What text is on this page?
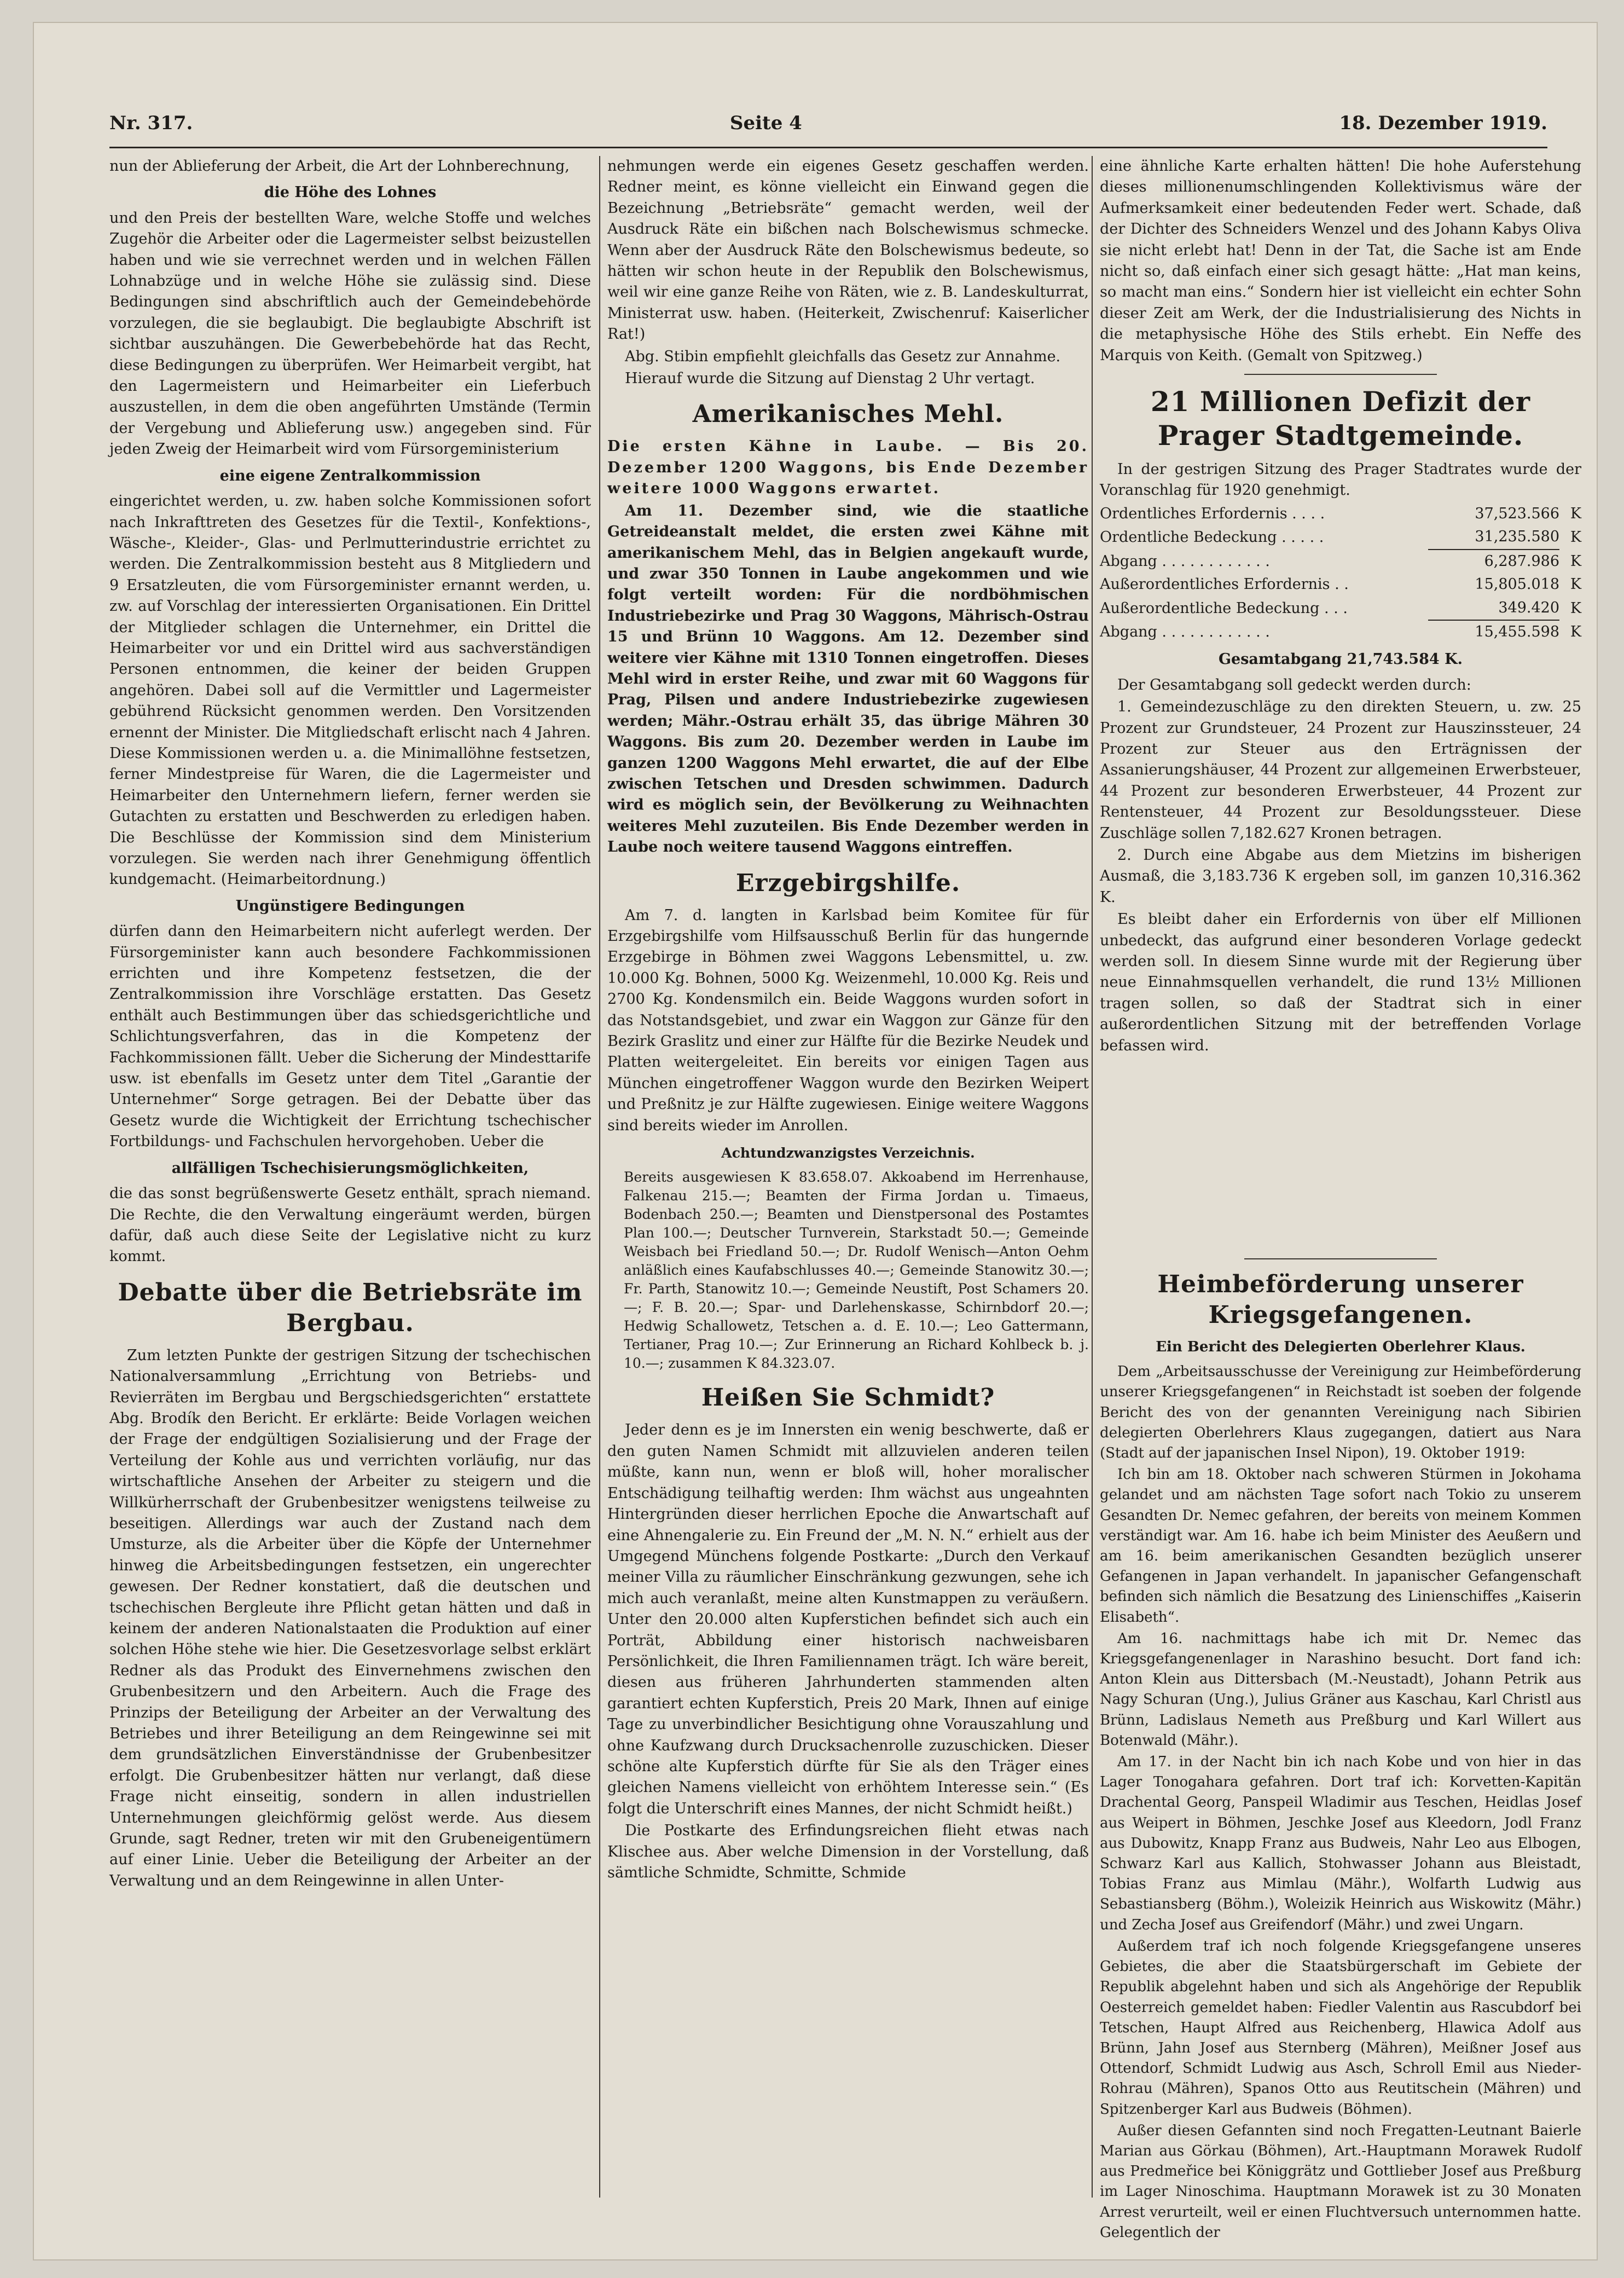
Nr. 317.	Seite 4	18. Dezember 1919.

nun der Ablieferung der Arbeit, die Art der Lohnberechnung,

die Höhe des Lohnes

und den Preis der bestellten Ware, welche Stoffe und welches Zugehör die Arbeiter oder die Lagermeister selbst beizustellen haben und wie sie verrechnet werden und in welchen Fällen Lohnabzüge und in welche Höhe sie zulässig sind. Diese Bedingungen sind abschriftlich auch der Gemeindebehörde vorzulegen, die sie beglaubigt. Die beglaubigte Abschrift ist sichtbar auszuhängen. Die Gewerbebehörde hat das Recht, diese Bedingungen zu überprüfen. Wer Heimarbeit vergibt, hat den Lagermeistern und Heimarbeiter ein Lieferbuch auszustellen, in dem die oben angeführten Umstände (Termin der Vergebung und Ablieferung usw.) angegeben sind. Für jeden Zweig der Heimarbeit wird vom Fürsorgeministerium

eine eigene Zentralkommission

eingerichtet werden, u. zw. haben solche Kommissionen sofort nach Inkrafttreten des Gesetzes für die Textil-, Konfektions-, Wäsche-, Kleider-, Glas- und Perlmutterindustrie errichtet zu werden. Die Zentralkommission besteht aus 8 Mitgliedern und 9 Ersatzleuten, die vom Fürsorgeminister ernannt werden, u. zw. auf Vorschlag der interessierten Organisationen. Ein Drittel der Mitglieder schlagen die Unternehmer, ein Drittel die Heimarbeiter vor und ein Drittel wird aus sachverständigen Personen entnommen, die keiner der beiden Gruppen angehören. Dabei soll auf die Vermittler und Lagermeister gebührend Rücksicht genommen werden. Den Vorsitzenden ernennt der Minister. Die Mitgliedschaft erlischt nach 4 Jahren. Diese Kommissionen werden u. a. die Minimallöhne festsetzen, ferner Mindestpreise für Waren, die die Lagermeister und Heimarbeiter den Unternehmern liefern, ferner werden sie Gutachten zu erstatten und Beschwerden zu erledigen haben. Die Beschlüsse der Kommission sind dem Ministerium vorzulegen. Sie werden nach ihrer Genehmigung öffentlich kundgemacht. (Heimarbeitordnung.)

Ungünstigere Bedingungen

dürfen dann den Heimarbeitern nicht auferlegt werden. Der Fürsorgeminister kann auch besondere Fachkommissionen errichten und ihre Kompetenz festsetzen, die der Zentralkommission ihre Vorschläge erstatten. Das Gesetz enthält auch Bestimmungen über das schiedsgerichtliche und Schlichtungsverfahren, das in die Kompetenz der Fachkommissionen fällt. Ueber die Sicherung der Mindesttarife usw. ist ebenfalls im Gesetz unter dem Titel „Garantie der Unternehmer“ Sorge getragen. Bei der Debatte über das Gesetz wurde die Wichtigkeit der Errichtung tschechischer Fortbildungs- und Fachschulen hervorgehoben. Ueber die

allfälligen Tschechisierungsmöglichkeiten,

die das sonst begrüßenswerte Gesetz enthält, sprach niemand. Die Rechte, die den Verwaltung eingeräumt werden, bürgen dafür, daß auch diese Seite der Legislative nicht zu kurz kommt.

Debatte über die Betriebsräte im Bergbau.

Zum letzten Punkte der gestrigen Sitzung der tschechischen Nationalversammlung „Errichtung von Betriebs- und Revierräten im Bergbau und Bergschiedsgerichten“ erstattete Abg. Brodík den Bericht. Er erklärte: Beide Vorlagen weichen der Frage der endgültigen Sozialisierung und der Frage der Verteilung der Kohle aus und verrichten vorläufig, nur das wirtschaftliche Ansehen der Arbeiter zu steigern und die Willkürherrschaft der Grubenbesitzer wenigstens teilweise zu beseitigen. Allerdings war auch der Zustand nach dem Umsturze, als die Arbeiter über die Köpfe der Unternehmer hinweg die Arbeitsbedingungen festsetzen, ein ungerechter gewesen. Der Redner konstatiert, daß die deutschen und tschechischen Bergleute ihre Pflicht getan hätten und daß in keinem der anderen Nationalstaaten die Produktion auf einer solchen Höhe stehe wie hier. Die Gesetzesvorlage selbst erklärt Redner als das Produkt des Einvernehmens zwischen den Grubenbesitzern und den Arbeitern. Auch die Frage des Prinzips der Beteiligung der Arbeiter an der Verwaltung des Betriebes und ihrer Beteiligung an dem Reingewinne sei mit dem grundsätzlichen Einverständnisse der Grubenbesitzer erfolgt. Die Grubenbesitzer hätten nur verlangt, daß diese Frage nicht einseitig, sondern in allen industriellen Unternehmungen gleichförmig gelöst werde. Aus diesem Grunde, sagt Redner, treten wir mit den Grubeneigentümern auf einer Linie. Ueber die Beteiligung der Arbeiter an der Verwaltung und an dem Reingewinne in allen Unter-

nehmungen werde ein eigenes Gesetz geschaffen werden. Redner meint, es könne vielleicht ein Einwand gegen die Bezeichnung „Betriebsräte“ gemacht werden, weil der Ausdruck Räte ein bißchen nach Bolschewismus schmecke. Wenn aber der Ausdruck Räte den Bolschewismus bedeute, so hätten wir schon heute in der Republik den Bolschewismus, weil wir eine ganze Reihe von Räten, wie z. B. Landeskulturrat, Ministerrat usw. haben. (Heiterkeit, Zwischenruf: Kaiserlicher Rat!)

Abg. Stibin empfiehlt gleichfalls das Gesetz zur Annahme.

Hierauf wurde die Sitzung auf Dienstag 2 Uhr vertagt.

Amerikanisches Mehl.

Die ersten Kähne in Laube. — Bis 20. Dezember 1200 Waggons, bis Ende Dezember weitere 1000 Waggons erwartet.

Am 11. Dezember sind, wie die staatliche Getreideanstalt meldet, die ersten zwei Kähne mit amerikanischem Mehl, das in Belgien angekauft wurde, und zwar 350 Tonnen in Laube angekommen und wie folgt verteilt worden: Für die nordböhmischen Industriebezirke und Prag 30 Waggons, Mährisch-Ostrau 15 und Brünn 10 Waggons. Am 12. Dezember sind weitere vier Kähne mit 1310 Tonnen eingetroffen. Dieses Mehl wird in erster Reihe, und zwar mit 60 Waggons für Prag, Pilsen und andere Industriebezirke zugewiesen werden; Mähr.-Ostrau erhält 35, das übrige Mähren 30 Waggons. Bis zum 20. Dezember werden in Laube im ganzen 1200 Waggons Mehl erwartet, die auf der Elbe zwischen Tetschen und Dresden schwimmen. Dadurch wird es möglich sein, der Bevölkerung zu Weihnachten weiteres Mehl zuzuteilen. Bis Ende Dezember werden in Laube noch weitere tausend Waggons eintreffen.

Erzgebirgshilfe.

Am 7. d. langten in Karlsbad beim Komitee für für Erzgebirgshilfe vom Hilfsausschuß Berlin für das hungernde Erzgebirge in Böhmen zwei Waggons Lebensmittel, u. zw. 10.000 Kg. Bohnen, 5000 Kg. Weizenmehl, 10.000 Kg. Reis und 2700 Kg. Kondensmilch ein. Beide Waggons wurden sofort in das Notstandsgebiet, und zwar ein Waggon zur Gänze für den Bezirk Graslitz und einer zur Hälfte für die Bezirke Neudek und Platten weitergeleitet. Ein bereits vor einigen Tagen aus München eingetroffener Waggon wurde den Bezirken Weipert und Preßnitz je zur Hälfte zugewiesen. Einige weitere Waggons sind bereits wieder im Anrollen.

Achtundzwanzigstes Verzeichnis.

Bereits ausgewiesen K 83.658.07. Akkoabend im Herrenhause, Falkenau 215.—; Beamten der Firma Jordan u. Timaeus, Bodenbach 250.—; Beamten und Dienstpersonal des Postamtes Plan 100.—; Deutscher Turnverein, Starkstadt 50.—; Gemeinde Weisbach bei Friedland 50.—; Dr. Rudolf Wenisch—Anton Oehm anläßlich eines Kaufabschlusses 40.—; Gemeinde Stanowitz 30.—; Fr. Parth, Stanowitz 10.—; Gemeinde Neustift, Post Schamers 20.—; F. B. 20.—; Spar- und Darlehenskasse, Schirnbdorf 20.—; Hedwig Schallowetz, Tetschen a. d. E. 10.—; Leo Gattermann, Tertianer, Prag 10.—; Zur Erinnerung an Richard Kohlbeck b. j. 10.—; zusammen K 84.323.07.

Heißen Sie Schmidt?

Jeder denn es je im Innersten ein wenig beschwerte, daß er den guten Namen Schmidt mit allzuvielen anderen teilen müßte, kann nun, wenn er bloß will, hoher moralischer Entschädigung teilhaftig werden: Ihm wächst aus ungeahnten Hintergründen dieser herrlichen Epoche die Anwartschaft auf eine Ahnengalerie zu. Ein Freund der „M. N. N.“ erhielt aus der Umgegend Münchens folgende Postkarte: „Durch den Verkauf meiner Villa zu räumlicher Einschränkung gezwungen, sehe ich mich auch veranlaßt, meine alten Kunstmappen zu veräußern. Unter den 20.000 alten Kupferstichen befindet sich auch ein Porträt, Abbildung einer historisch nachweisbaren Persönlichkeit, die Ihren Familiennamen trägt. Ich wäre bereit, diesen aus früheren Jahrhunderten stammenden alten garantiert echten Kupferstich, Preis 20 Mark, Ihnen auf einige Tage zu unverbindlicher Besichtigung ohne Vorauszahlung und ohne Kaufzwang durch Drucksachenrolle zuzuschicken. Dieser schöne alte Kupferstich dürfte für Sie als den Träger eines gleichen Namens vielleicht von erhöhtem Interesse sein.“ (Es folgt die Unterschrift eines Mannes, der nicht Schmidt heißt.)

Die Postkarte des Erfindungsreichen flieht etwas nach Klischee aus. Aber welche Dimension in der Vorstellung, daß sämtliche Schmidte, Schmitte, Schmide

eine ähnliche Karte erhalten hätten! Die hohe Auferstehung dieses millionenumschlingenden Kollektivismus wäre der Aufmerksamkeit einer bedeutenden Feder wert. Schade, daß der Dichter des Schneiders Wenzel und des Johann Kabys Oliva sie nicht erlebt hat! Denn in der Tat, die Sache ist am Ende nicht so, daß einfach einer sich gesagt hätte: „Hat man keins, so macht man eins.“ Sondern hier ist vielleicht ein echter Sohn dieser Zeit am Werk, der die Industrialisierung des Nichts in die metaphysische Höhe des Stils erhebt. Ein Neffe des Marquis von Keith. (Gemalt von Spitzweg.)

21 Millionen Defizit der Prager Stadtgemeinde.

In der gestrigen Sitzung des Prager Stadtrates wurde der Voranschlag für 1920 genehmigt.

Ordentliches Erfordernis . . . .	37,523.566	K
Ordentliche Bedeckung . . . . .	31,235.580	K
Abgang . . . . . . . . . . . .	6,287.986	K
Außerordentliches Erfordernis . .	15,805.018	K
Außerordentliche Bedeckung . . .	349.420	K
Abgang . . . . . . . . . . . .	15,455.598	K

Gesamtabgang 21,743.584 K.

Der Gesamtabgang soll gedeckt werden durch:

1. Gemeindezuschläge zu den direkten Steuern, u. zw. 25 Prozent zur Grundsteuer, 24 Prozent zur Hauszinssteuer, 24 Prozent zur Steuer aus den Erträgnissen der Assanierungshäuser, 44 Prozent zur allgemeinen Erwerbsteuer, 44 Prozent zur besonderen Erwerbsteuer, 44 Prozent zur Rentensteuer, 44 Prozent zur Besoldungssteuer. Diese Zuschläge sollen 7,182.627 Kronen betragen.

2. Durch eine Abgabe aus dem Mietzins im bisherigen Ausmaß, die 3,183.736 K ergeben soll, im ganzen 10,316.362 K.

Es bleibt daher ein Erfordernis von über elf Millionen unbedeckt, das aufgrund einer besonderen Vorlage gedeckt werden soll. In diesem Sinne wurde mit der Regierung über neue Einnahmsquellen verhandelt, die rund 13½ Millionen tragen sollen, so daß der Stadtrat sich in einer außerordentlichen Sitzung mit der betreffenden Vorlage befassen wird.

Heimbeförderung unserer Kriegsgefangenen.

Ein Bericht des Delegierten Oberlehrer Klaus.

Dem „Arbeitsausschusse der Vereinigung zur Heimbeförderung unserer Kriegsgefangenen“ in Reichstadt ist soeben der folgende Bericht des von der genannten Vereinigung nach Sibirien delegierten Oberlehrers Klaus zugegangen, datiert aus Nara (Stadt auf der japanischen Insel Nipon), 19. Oktober 1919:

Ich bin am 18. Oktober nach schweren Stürmen in Jokohama gelandet und am nächsten Tage sofort nach Tokio zu unserem Gesandten Dr. Nemec gefahren, der bereits von meinem Kommen verständigt war. Am 16. habe ich beim Minister des Aeußern und am 16. beim amerikanischen Gesandten bezüglich unserer Gefangenen in Japan verhandelt. In japanischer Gefangenschaft befinden sich nämlich die Besatzung des Linienschiffes „Kaiserin Elisabeth“.

Am 16. nachmittags habe ich mit Dr. Nemec das Kriegsgefangenenlager in Narashino besucht. Dort fand ich: Anton Klein aus Dittersbach (M.-Neustadt), Johann Petrik aus Nagy Schuran (Ung.), Julius Gräner aus Kaschau, Karl Christl aus Brünn, Ladislaus Nemeth aus Preßburg und Karl Willert aus Botenwald (Mähr.).

Am 17. in der Nacht bin ich nach Kobe und von hier in das Lager Tonogahara gefahren. Dort traf ich: Korvetten-Kapitän Drachental Georg, Panspeil Wladimir aus Teschen, Heidlas Josef aus Weipert in Böhmen, Jeschke Josef aus Kleedorn, Jodl Franz aus Dubowitz, Knapp Franz aus Budweis, Nahr Leo aus Elbogen, Schwarz Karl aus Kallich, Stohwasser Johann aus Bleistadt, Tobias Franz aus Mimlau (Mähr.), Wolfarth Ludwig aus Sebastiansberg (Böhm.), Woleizik Heinrich aus Wiskowitz (Mähr.) und Zecha Josef aus Greifendorf (Mähr.) und zwei Ungarn.

Außerdem traf ich noch folgende Kriegsgefangene unseres Gebietes, die aber die Staatsbürgerschaft im Gebiete der Republik abgelehnt haben und sich als Angehörige der Republik Oesterreich gemeldet haben: Fiedler Valentin aus Rascubdorf bei Tetschen, Haupt Alfred aus Reichenberg, Hlawica Adolf aus Brünn, Jahn Josef aus Sternberg (Mähren), Meißner Josef aus Ottendorf, Schmidt Ludwig aus Asch, Schroll Emil aus Nieder-Rohrau (Mähren), Spanos Otto aus Reutitschein (Mähren) und Spitzenberger Karl aus Budweis (Böhmen).

Außer diesen Gefannten sind noch Fregatten-Leutnant Baierle Marian aus Görkau (Böhmen), Art.-Hauptmann Morawek Rudolf aus Predmeřice bei Königgrätz und Gottlieber Josef aus Preßburg im Lager Ninoschima. Hauptmann Morawek ist zu 30 Monaten Arrest verurteilt, weil er einen Fluchtversuch unternommen hatte. Gelegentlich der
